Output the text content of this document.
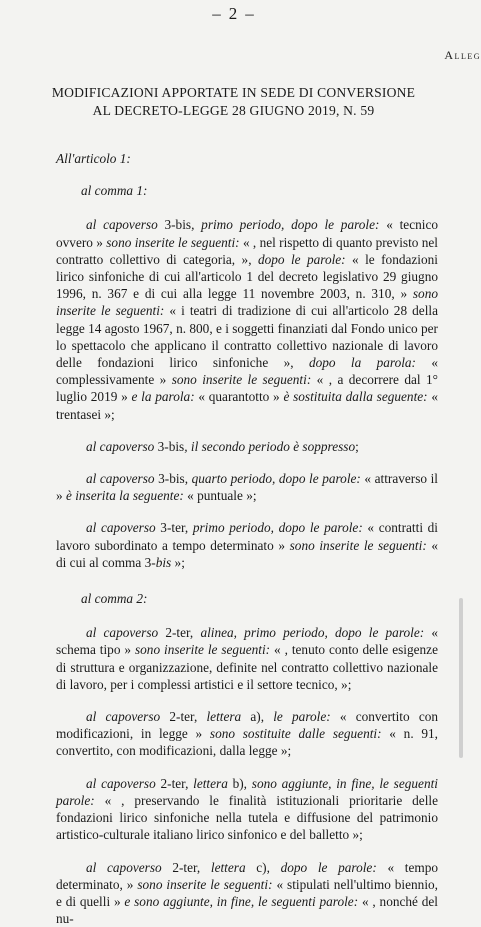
– 2 –
Alleg
MODIFICAZIONI APPORTATE IN SEDE DI CONVERSIONE
AL DECRETO-LEGGE 28 GIUGNO 2019, N. 59
All'articolo 1:
al comma 1:

al capoverso 3-bis, primo periodo, dopo le parole: « tecnico ovvero » sono inserite le seguenti: « , nel rispetto di quanto previsto nel contratto collettivo di categoria, », dopo le parole: « le fondazioni lirico sinfoniche di cui all'articolo 1 del decreto legislativo 29 giugno 1996, n. 367 e di cui alla legge 11 novembre 2003, n. 310, » sono inserite le seguenti: « i teatri di tradizione di cui all'articolo 28 della legge 14 agosto 1967, n. 800, e i soggetti finanziati dal Fondo unico per lo spettacolo che applicano il contratto collettivo nazionale di lavoro delle fondazioni lirico sinfoniche », dopo la parola: « complessivamente » sono inserite le seguenti: « , a decorrere dal 1° luglio 2019 » e la parola: « quarantotto » è sostituita dalla seguente: « trentasei »;

al capoverso 3-bis, il secondo periodo è soppresso;

al capoverso 3-bis, quarto periodo, dopo le parole: « attraverso il » è inserita la seguente: « puntuale »;

al capoverso 3-ter, primo periodo, dopo le parole: « contratti di lavoro subordinato a tempo determinato » sono inserite le seguenti: « di cui al comma 3-bis »;

al comma 2:

al capoverso 2-ter, alinea, primo periodo, dopo le parole: « schema tipo » sono inserite le seguenti: « , tenuto conto delle esigenze di struttura e organizzazione, definite nel contratto collettivo nazionale di lavoro, per i complessi artistici e il settore tecnico, »;

al capoverso 2-ter, lettera a), le parole: « convertito con modificazioni, in legge » sono sostituite dalle seguenti: « n. 91, convertito, con modificazioni, dalla legge »;

al capoverso 2-ter, lettera b), sono aggiunte, in fine, le seguenti parole: « , preservando le finalità istituzionali prioritarie delle fondazioni lirico sinfoniche nella tutela e diffusione del patrimonio artistico-culturale italiano lirico sinfonico e del balletto »;

al capoverso 2-ter, lettera c), dopo le parole: « tempo determinato, » sono inserite le seguenti: « stipulati nell'ultimo biennio, e di quelli » e sono aggiunte, in fine, le seguenti parole: « , nonché del nu-
